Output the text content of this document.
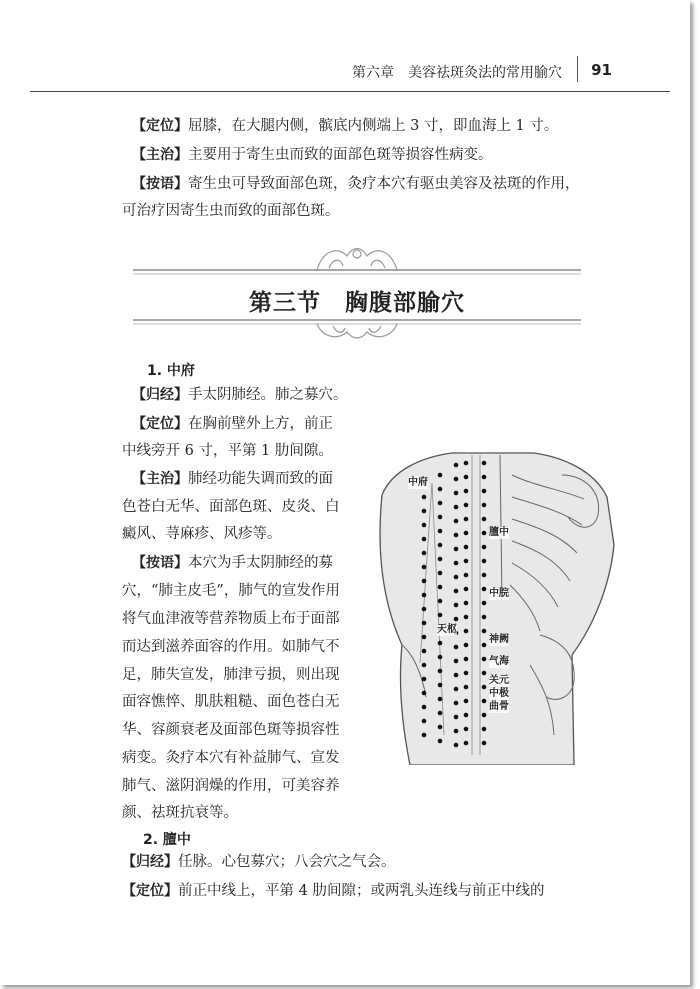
第六章　美容祛斑灸法的常用腧穴 91

【定位】屈膝，在大腿内侧，髌底内侧端上 3 寸，即血海上 1 寸。

【主治】主要用于寄生虫而致的面部色斑等损容性病变。

【按语】寄生虫可导致面部色斑，灸疗本穴有驱虫美容及祛斑的作用，

可治疗因寄生虫而致的面部色斑。

第三节　胸腹部腧穴

1. 中府

【归经】手太阴肺经。肺之募穴。

【定位】在胸前壁外上方，前正

中线旁开 6 寸，平第 1 肋间隙。

【主治】肺经功能失调而致的面

色苍白无华、面部色斑、皮炎、白

癜风、荨麻疹、风疹等。

【按语】本穴为手太阴肺经的募

穴，“肺主皮毛”，肺气的宣发作用

将气血津液等营养物质上布于面部

而达到滋养面容的作用。如肺气不

足，肺失宣发，肺津亏损，则出现

面容憔悴、肌肤粗糙、面色苍白无

华、容颜衰老及面部色斑等损容性

病变。灸疗本穴有补益肺气、宣发

肺气、滋阴润燥的作用，可美容养

颜、祛斑抗衰等。

2. 膻中

【归经】任脉。心包募穴；八会穴之气会。

【定位】前正中线上，平第 4 肋间隙；或两乳头连线与前正中线的

中府
膻中
中脘
天枢
神阙
气海
关元
中极
曲骨
